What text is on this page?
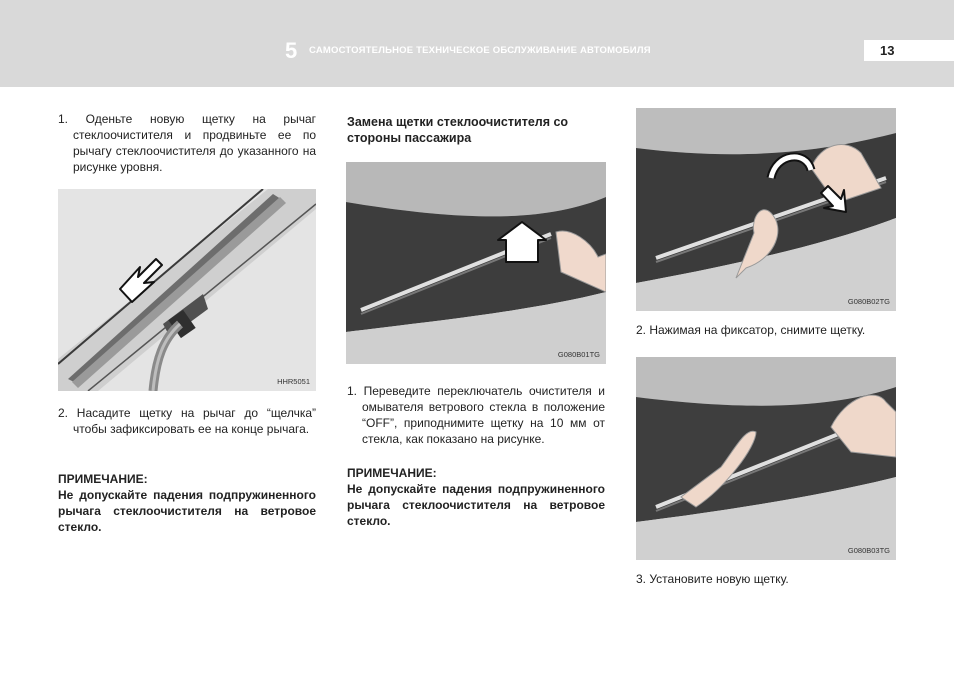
5 САМОСТОЯТЕЛЬНОЕ ТЕХНИЧЕСКОЕ ОБСЛУЖИВАНИЕ АВТОМОБИЛЯ	13
1. Оденьте новую щетку на рычаг стеклоочистителя и продвиньте ее по рычагу стеклоочистителя до указанного на рисунке уровня.
HHR5051
2. Насадите щетку на рычаг до “щелчка” чтобы зафиксировать ее на конце рычага.
ПРИМЕЧАНИЕ:
Не допускайте падения подпружиненного рычага стеклоочистителя на ветровое стекло.
Замена щетки стеклоочистителя со стороны пассажира
G080B01TG
1. Переведите переключатель очистителя и омывателя ветрового стекла в положение “OFF”, приподнимите щетку на 10 мм от стекла, как показано на рисунке.
ПРИМЕЧАНИЕ:
Не допускайте падения подпружиненного рычага стеклоочистителя на ветровое стекло.
G080B02TG
2. Нажимая на фиксатор, снимите щетку.
G080B03TG
3. Установите новую щетку.
